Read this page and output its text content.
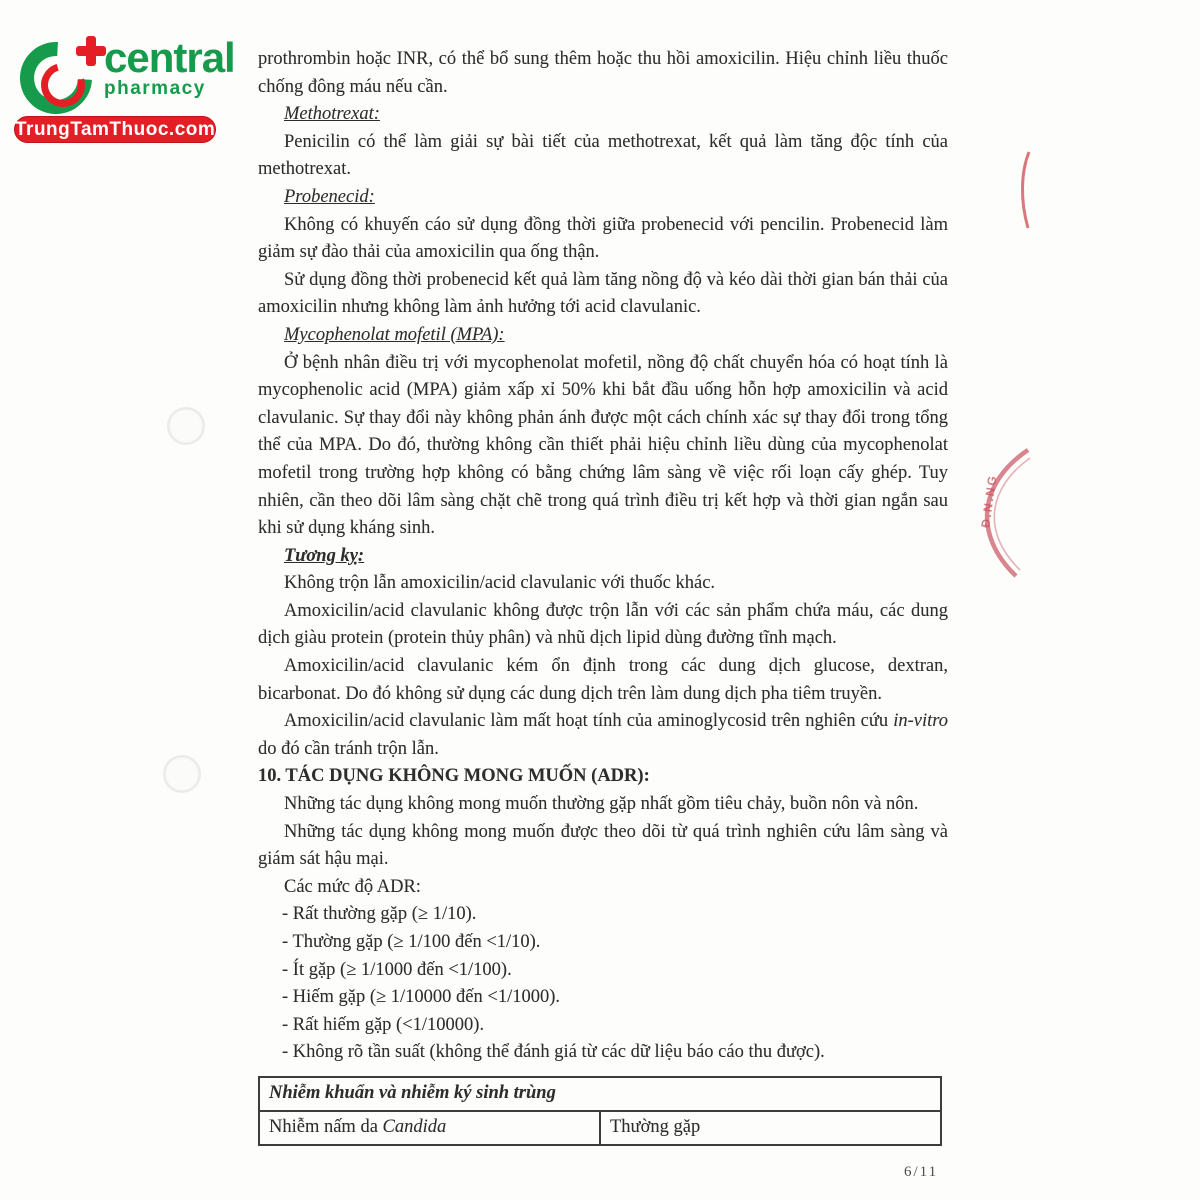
central
pharmacy
TrungTamThuoc.com
Đ.N.NG

prothrombin hoặc INR, có thể bổ sung thêm hoặc thu hồi amoxicilin. Hiệu chỉnh liều thuốc chống đông máu nếu cần.

Methotrexat:

Penicilin có thể làm giải sự bài tiết của methotrexat, kết quả làm tăng độc tính của methotrexat.

Probenecid:

Không có khuyến cáo sử dụng đồng thời giữa probenecid với pencilin. Probenecid làm giảm sự đào thải của amoxicilin qua ống thận.

Sử dụng đồng thời probenecid kết quả làm tăng nồng độ và kéo dài thời gian bán thải của amoxicilin nhưng không làm ảnh hưởng tới acid clavulanic.

Mycophenolat mofetil (MPA):

Ở bệnh nhân điều trị với mycophenolat mofetil, nồng độ chất chuyển hóa có hoạt tính là mycophenolic acid (MPA) giảm xấp xỉ 50% khi bắt đầu uống hỗn hợp amoxicilin và acid clavulanic. Sự thay đổi này không phản ánh được một cách chính xác sự thay đổi trong tổng thể của MPA. Do đó, thường không cần thiết phải hiệu chỉnh liều dùng của mycophenolat mofetil trong trường hợp không có bằng chứng lâm sàng về việc rối loạn cấy ghép. Tuy nhiên, cần theo dõi lâm sàng chặt chẽ trong quá trình điều trị kết hợp và thời gian ngắn sau khi sử dụng kháng sinh.

Tương kỵ:

Không trộn lẫn amoxicilin/acid clavulanic với thuốc khác.

Amoxicilin/acid clavulanic không được trộn lẫn với các sản phẩm chứa máu, các dung dịch giàu protein (protein thủy phân) và nhũ dịch lipid dùng đường tĩnh mạch.

Amoxicilin/acid clavulanic kém ổn định trong các dung dịch glucose, dextran, bicarbonat. Do đó không sử dụng các dung dịch trên làm dung dịch pha tiêm truyền.

Amoxicilin/acid clavulanic làm mất hoạt tính của aminoglycosid trên nghiên cứu in-vitro do đó cần tránh trộn lẫn.

10. TÁC DỤNG KHÔNG MONG MUỐN (ADR):

Những tác dụng không mong muốn thường gặp nhất gồm tiêu chảy, buồn nôn và nôn.

Những tác dụng không mong muốn được theo dõi từ quá trình nghiên cứu lâm sàng và giám sát hậu mại.

Các mức độ ADR:

- Rất thường gặp (≥ 1/10).

- Thường gặp (≥ 1/100 đến <1/10).

- Ít gặp (≥ 1/1000 đến <1/100).

- Hiếm gặp (≥ 1/10000 đến <1/1000).

- Rất hiếm gặp (<1/10000).

- Không rõ tần suất (không thể đánh giá từ các dữ liệu báo cáo thu được).

Nhiễm khuẩn và nhiễm ký sinh trùng
Nhiễm nấm da Candida	Thường gặp
6/11
